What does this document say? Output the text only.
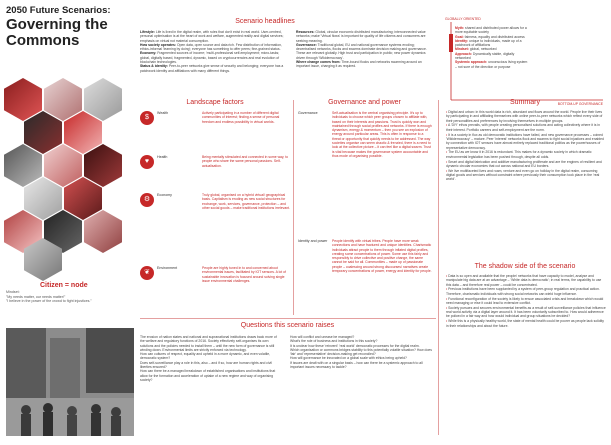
2050 Future Scenarios:
Governing the Commons
Citizen = node
Mindset:
"My needs matter, our needs matter!"
"I believe in the power of the crowd to fight injustices."
Scenario headlines

Lifestyle: Life is lived in the digital realm, with rules that don't exist in real world. User-centred, personal optimisation is at the heart of work and welfare, augmented reality and digital services; emphasis on virtual not material consumption.

How society operates: Open data, open source and data rich. Few distribution of information, ethics-informal 'learning by doing'; everyone has something to offer peers; fine-grained status.

Economy: Fragmented sources of income; 'multi-professional self-employment; micro-tasks; global, digitally based, fragmented, dynamic, based on cryptocurrencies and real evolution of blockchain technologies.

Status & identity: Peer-to-peer networks give sense of security and belonging; everyone has a patchwork identity and affiliations with many different things.

Resources: Global, circular economic distributed manufacturing; interconnected value networks; make 'Virtual flows' is important for quality of life citizens and consumers are seeking meaning.

Governance: Traditional global, EU and national governance systems eroding; decentralised networks, flocks and swarms dominate decision making and governance. These are relevant globally. High trust and participation in public; new power dynamics driven through 'Wikidemocracy'.

Where change comes from: Time-bound flocks and networks swarming around an important issue, changing it as required.

GLOBALLY ORIENTED
BOTTOM-UP GOVERNANCE

Myth: shared and distributed power allows for a more equitable society

Goal: fairness, equality and distributed access

Identity: unique to individuals, made up of a patchwork of affiliations

Mindset: global, networked

Approach: Dynamically stable, digitally networked

Systemic approach: unconscious living system – not sure of the direction or purpose

Landscape factors
$
Wealth	Actively participating in a number of different digital communities of interest; finding a sense of personal freedom and endless possibility in virtual worlds.
♥
Health	Being mentally stimulated and connected in some way, to people who share the same personal passions. Self-actualisation.
⚙
Economy	Truly global, organised on a hybrid virtual/ geographical basis. Capitalism is eroding as new social structures for exchange, work, services, governance, protection – and other social goods – make traditional institutions irrelevant.
❦
Environment	People are highly tuned in to and concerned about environmental issues, facilitated by IOT sensors. A lot of sustainable innovation is focused around solving single issue environmental challenges.
Governance and power
Governance	Self-actualisation is the central organising principle. It's up to individuals to choose which peer groups chosen to affiliate with, based on their interests and passions. Trust is quickly won and maintained through social profiles and networks. If there is enough dynamism, energy & momentum – then you see an explosion of energy around particular areas. This is often in response to a threat or opportunity that quickly needs to be addressed. The way societies organise can seem chaotic & frenzied, there is a need to look at the collective picture – it can feel like a digital swarm. Trust is vital because makes the governance system accountable and thus mode of organising possible.
Identity and power People identify with virtual tribes. People have more weak connections and have fractured and unique identities. Charismatic individuals attract people to them through inflated digital profiles, creating some concentrations of power. Some use this fairly and responsibly to drive collective and positive change, the same cannot be said for all. Communities – made up of passionate people – coalescing around strong discourses/ narratives create temporary concentrations of power, energy and identity for people.
Summary
• Digital and urban: in this world data is rich, abundant and flows around the world. People live their lives by participating in and affiliating themselves with online peer-to-peer networks which reflect every side of their personalities and preferences by involving themselves in multiple groups.
• A 'DIY' ethos prevails, with people creating personalised solutions and acting collectively where it is in their interest. Portfolio careers and self-employment are the norm.
• It is a society in flux as old democratic institutions have failed, and new governance processes – coined 'Wikidemocracy' – mature. Peer 'interest' networks flock and swarms to fight social injustices and enabled by connection with IOT sensors have almost entirely replaced traditional politics as the powerhouses of representative democracy.
• The EU as we know it in 2016 is redundant. This makes for a dynamic society in which dramatic environmental legislation has been pushed through, despite all odds.
• Smart and digital fabrication and additive manufacturing proliferate and are the engines of resilient and dynamic circular economies that cut across national and EU borders.
• We live multifaceted lives and roam, venture and even go on holiday in the digital realm, consuming digital goods and services without constraint where previously their consumption took place in the 'real world'.
The shadow side of the scenario
• Data is so open and available that the people/ networks that have capacity to model, analyse and manipulate big data are at an advantage – 'White data is democratic'; in real terms, the capability to use this data – and therefore real power – could be concentrated.
• Previous institutions have been supplanted by a system of peer-group regulation and practical action. Therefore, charismatic individuals with strong social networks can wield huge influence.
• Functional reconfiguration of the society is likely to ensue associated crisis and breakdown which would need managing or else it could lead to extensive conflict.
• Society pursues and secures environmental benefits as a result of self-surveillance policies that influence real world activity via a digital layer around it. It has been voluntarily subscribed to. How would adherence be policed in a fair way and how would individual and group situations be decided?
• While this is a physically healthy world, the state of mental health could be poorer as people lack solidity in their relationships and about the future.
Questions this scenario raises

The erosion of nation states and national and supranational institutions draws back more of the welfare and regulatory functions of 2016. Society effectively self-organises its own solutions and the policies needed to install them – until the new form of governance is still winding down. Environmental limits are strictly enforced via technology.

How can cultures of respect, equality and upheld in a more dynamic, and even volatile, democratic system?

Does self-surveillance play a role in this, also – and if so, how are human rights and civil liberties ensured?

How can there be a managed breakdown of established organisations and institutions that allow for the formation and acceleration of uptake of a new regime and way of organising society?

How will conflict and unease be managed?

What's the role of business and institutions in this society?

It is unclear how these 'reinvent' 'real world' democratic processes for the digital realm.

Which organisation or commons bridges stability to this potentially volatile situation? How does 'fair' and 'representative' decision-making get reconciled?

How will governance be innovated on a global scale with ethics being upheld?

If issues are dealt with on a singular basis – how can there be a systemic approach to all important issues necessary to tackle?
